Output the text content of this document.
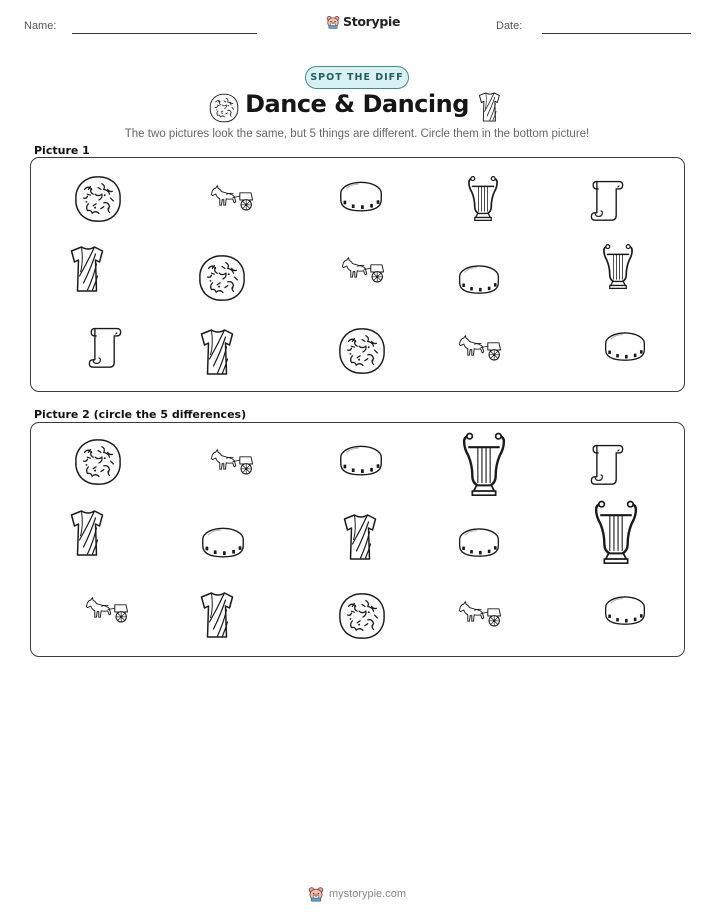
Name:	Storypie	Date:
SPOT THE DIFF
Dance & Dancing
The two pictures look the same, but 5 things are different. Circle them in the bottom picture!
Picture 1
Picture 2 (circle the 5 differences)
mystorypie.com
